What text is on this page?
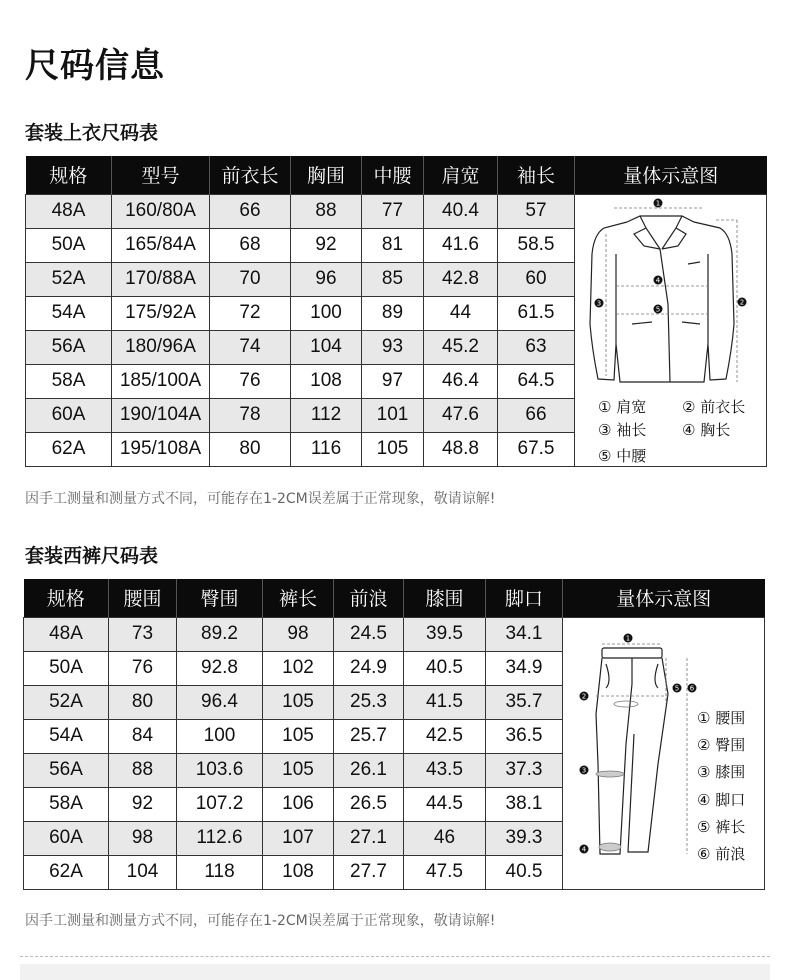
尺码信息
套装上衣尺码表
规格	型号	前衣长	胸围	中腰	肩宽	袖长	量体示意图
48A	160/80A	66	88	77	40.4	57	
50A	165/84A	68	92	81	41.6	58.5	
52A	170/88A	70	96	85	42.8	60	
54A	175/92A	72	100	89	44	61.5	
56A	180/96A	74	104	93	45.2	63	
58A	185/100A	76	108	97	46.4	64.5	
60A	190/104A	78	112	101	47.6	66	
62A	195/108A	80	116	105	48.8	67.5	
1
2
3
4
5
① 肩宽 ② 前衣长
③ 袖长 ④ 胸长
⑤ 中腰
因手工测量和测量方式不同，可能存在1-2CM误差属于正常现象，敬请谅解!
套装西裤尺码表
规格	腰围	臀围	裤长	前浪	膝围	脚口	量体示意图
48A	73	89.2	98	24.5	39.5	34.1	
50A	76	92.8	102	24.9	40.5	34.9	
52A	80	96.4	105	25.3	41.5	35.7	
54A	84	100	105	25.7	42.5	36.5	
56A	88	103.6	105	26.1	43.5	37.3	
58A	92	107.2	106	26.5	44.5	38.1	
60A	98	112.6	107	27.1	46	39.3	
62A	104	118	108	27.7	47.5	40.5	
1
2
3
4
5 6
① 腰围
② 臀围
③ 膝围
④ 脚口
⑤ 裤长
⑥ 前浪
因手工测量和测量方式不同，可能存在1-2CM误差属于正常现象，敬请谅解!
